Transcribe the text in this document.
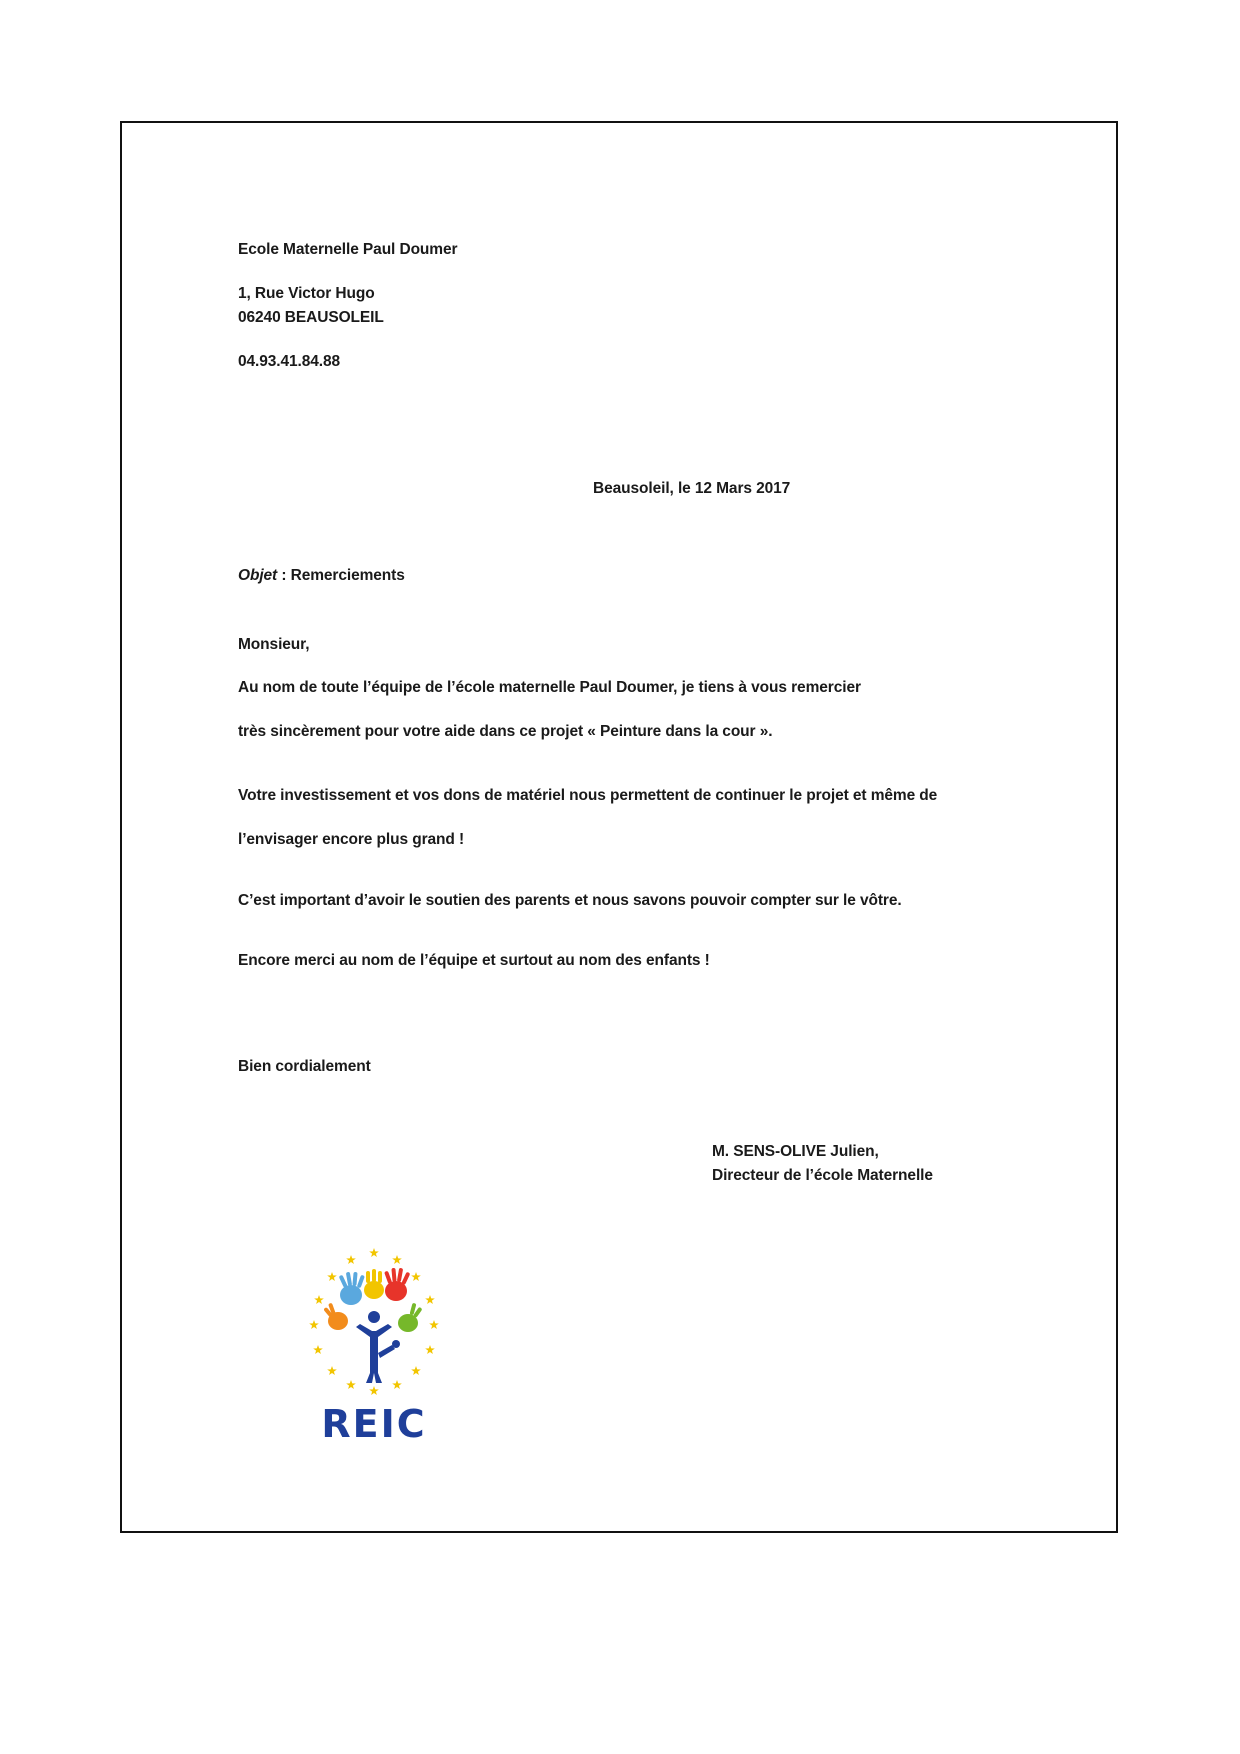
Ecole Maternelle Paul Doumer
1, Rue Victor Hugo
06240 BEAUSOLEIL
04.93.41.84.88
Beausoleil, le 12 Mars 2017
Objet : Remerciements
Monsieur,
Au nom de toute l’équipe de l’école maternelle Paul Doumer, je tiens à vous remercier
très sincèrement pour votre aide dans ce projet « Peinture dans la cour ».
Votre investissement et vos dons de matériel nous permettent de continuer le projet et même de
l’envisager encore plus grand !
C’est important d’avoir le soutien des parents et nous savons pouvoir compter sur le vôtre.
Encore merci au nom de l’équipe et surtout au nom des enfants !
Bien cordialement
M. SENS-OLIVE Julien,
Directeur de l’école Maternelle
REIC
